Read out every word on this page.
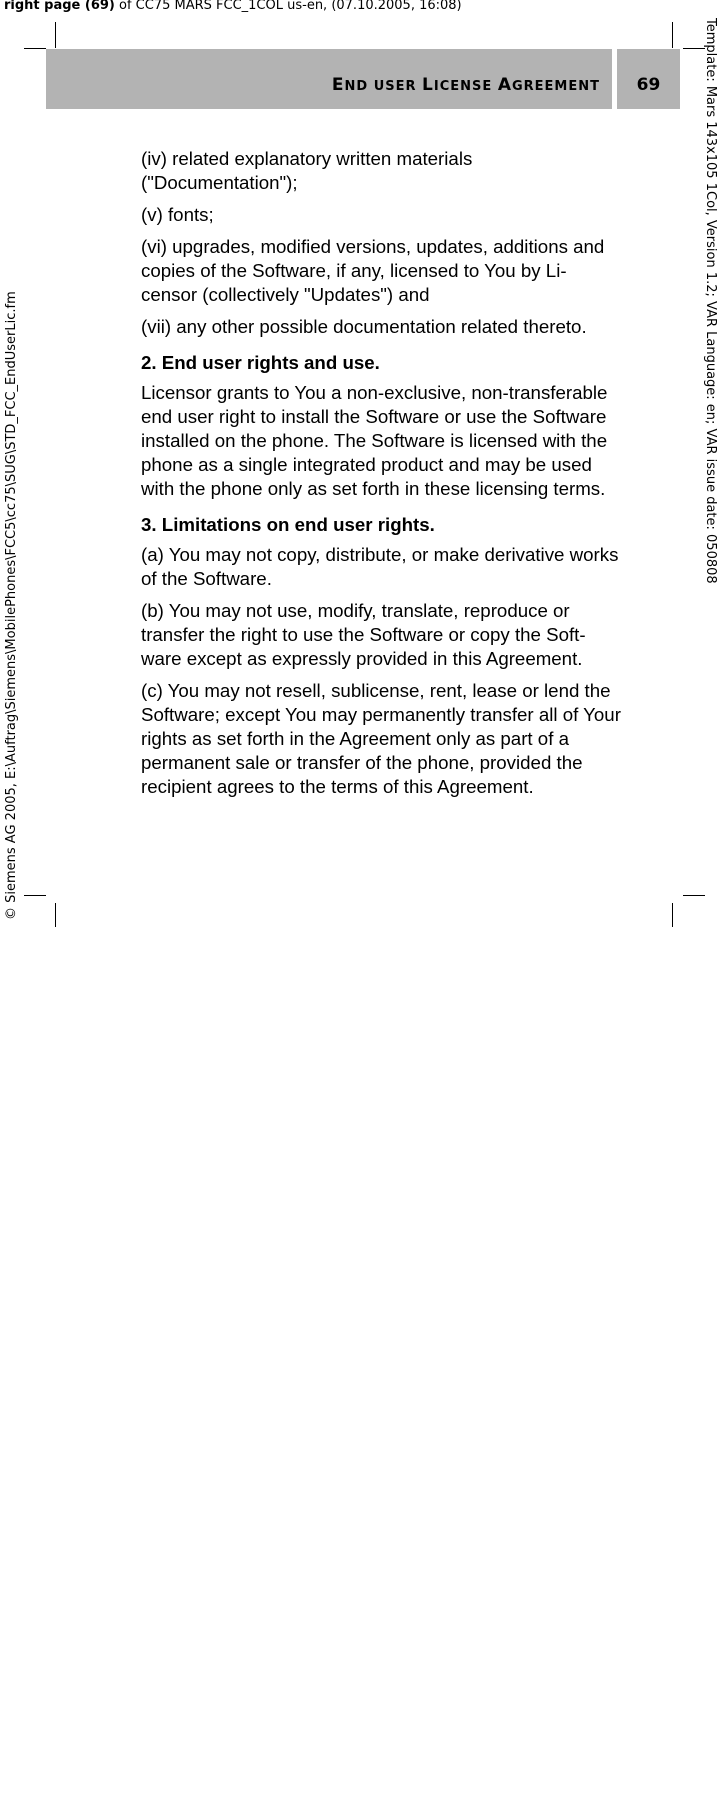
right page (69) of CC75 MARS FCC_1COL us-en, (07.10.2005, 16:08)
END USER LICENSE AGREEMENT	69

(iv) related explanatory written materials ("Documentation");

(v) fonts;

(vi) upgrades, modified versions, updates, additions and copies of the Software, if any, licensed to You by Li-censor (collectively "Updates") and

(vii) any other possible documentation related thereto.

2. End user rights and use.

Licensor grants to You a non-exclusive, non-transferable end user right to install the Software or use the Software installed on the phone. The Software is licensed with the phone as a single integrated product and may be used with the phone only as set forth in these licensing terms.

3. Limitations on end user rights.

(a) You may not copy, distribute, or make derivative works of the Software.

(b) You may not use, modify, translate, reproduce or transfer the right to use the Software or copy the Soft-ware except as expressly provided in this Agreement.

(c) You may not resell, sublicense, rent, lease or lend the Software; except You may permanently transfer all of Your rights as set forth in the Agreement only as part of a permanent sale or transfer of the phone, provided the recipient agrees to the terms of this Agreement.

Template: Mars 143x105 1Col, Version 1.2; VAR Language: en; VAR issue date: 050808
© Siemens AG 2005, E:\Auftrag\Siemens\MobilePhones\FCC5\cc75\SUG\STD_FCC_EndUserLic.fm
